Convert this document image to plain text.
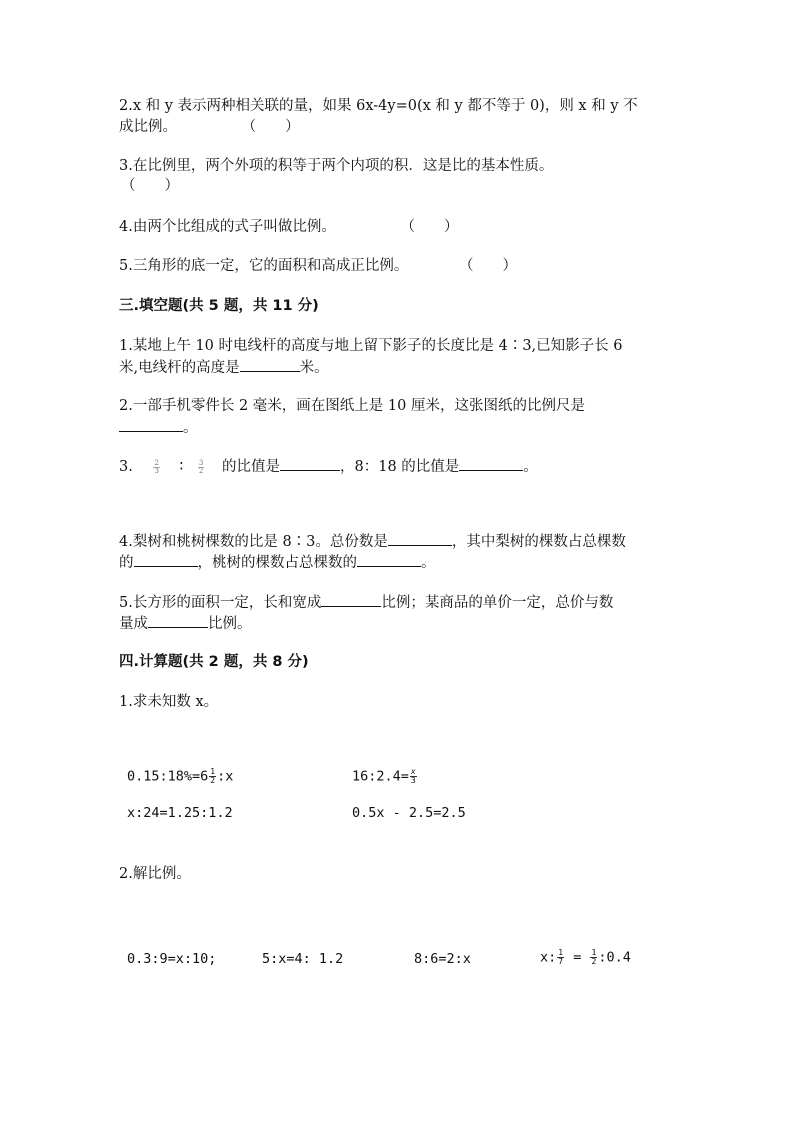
2.x 和 y 表示两种相关联的量，如果 6x-4y=0(x 和 y 都不等于 0)，则 x 和 y 不
成比例。	（　　）
3.在比例里，两个外项的积等于两个内项的积．这是比的基本性质。
（　　）
4.由两个比组成的式子叫做比例。	（　　）
5.三角形的底一定，它的面积和高成正比例。	（　　）
三.填空题(共 5 题，共 11 分)
1.某地上午 10 时电线杆的高度与地上留下影子的长度比是 4∶3,已知影子长 6
米,电线杆的高度是	米。
2.一部手机零件长 2 毫米，画在图纸上是 10 厘米，这张图纸的比例尺是
。
3.	$\frac{2}{3}$ ∶ $\frac{3}{2}$ 的比值是	，8：18 的比值是	。
4.梨树和桃树棵数的比是 8∶3。总份数是	，其中梨树的棵数占总棵数
的	，桃树的棵数占总棵数的	。
5.长方形的面积一定，长和宽成	比例；某商品的单价一定，总价与数
量成	比例。
四.计算题(共 2 题，共 8 分)
1.求未知数 x。
0.15:18%=6 $\frac{1}{2}$ :x	16:2.4= $\frac{x}{3}$
x:24=1.25:1.2	0.5x - 2.5=2.5
2.解比例。
0.3:9=x:10;	5:x=4: 1.2	8:6=2:x	x: $\frac{1}{7} = \frac{1}{2}$ :0.4
